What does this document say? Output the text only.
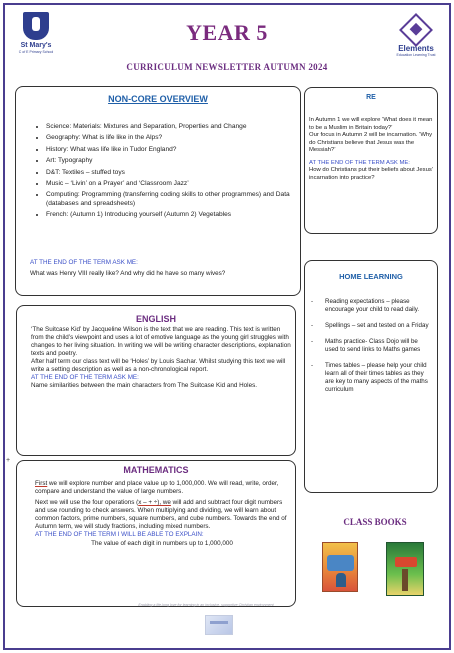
St Mary's
C of E Primary School	Elements
Education Learning Trust
YEAR 5
CURRICULUM NEWSLETTER AUTUMN 2024
NON-CORE OVERVIEW
• Science: Materials: Mixtures and Separation, Properties and Change
• Geography: What is life like in the Alps?
• History: What was life like in Tudor England?
• Art: Typography
• D&T: Textiles – stuffed toys
• Music – ‘Livin’ on a Prayer’ and ‘Classroom Jazz’
• Computing: Programming (transferring coding skills to other programmes) and Data (databases and spreadsheets)
• French: (Autumn 1) Introducing yourself (Autumn 2) Vegetables
AT THE END OF THE TERM ASK ME:
What was Henry VIII really like? And why did he have so many wives?
RE
In Autumn 1 we will explore ‘What does it mean to be a Muslim in Britain today?’
Our focus in Autumn 2 will be incarnation. ‘Why do Christians believe that Jesus was the Messiah?’
AT THE END OF THE TERM ASK ME:
How do Christians put their beliefs about Jesus’ incarnation into practice?
HOME LEARNING
- Reading expectations – please encourage your child to read daily.
- Spellings – set and tested on a Friday
- Maths practice- Class Dojo will be used to send links to Maths games
- Times tables – please help your child learn all of their times tables as they are key to many aspects of the maths curriculum
ENGLISH
‘The Suitcase Kid’ by Jacqueline Wilson is the text that we are reading. This text is written from the child’s viewpoint and uses a lot of emotive language as the young girl struggles with changes to her living situation. In writing we will be writing character descriptions, explanation texts and poetry.
After half term our class text will be ‘Holes’ by Louis Sachar. Whilst studying this text we will write a setting description as well as a non-chronological report.
AT THE END OF THE TERM ASK ME:
Name similarities between the main characters from The Suitcase Kid and Holes.
+
MATHEMATICS
First we will explore number and place value up to 1,000,000. We will read, write, order, compare and understand the value of large numbers.
Next we will use the four operations (x – + ÷), we will add and subtract four digit numbers and use rounding to check answers. When multiplying and dividing, we will learn about common factors, prime numbers, square numbers, and cube numbers. Towards the end of Autumn term, we will study fractions, including mixed numbers.
AT THE END OF THE TERM I WILL BE ABLE TO EXPLAIN:
The value of each digit in numbers up to 1,000,000
CLASS BOOKS
Enabling a life-long love for learning in an inclusive, supportive Christian environment
